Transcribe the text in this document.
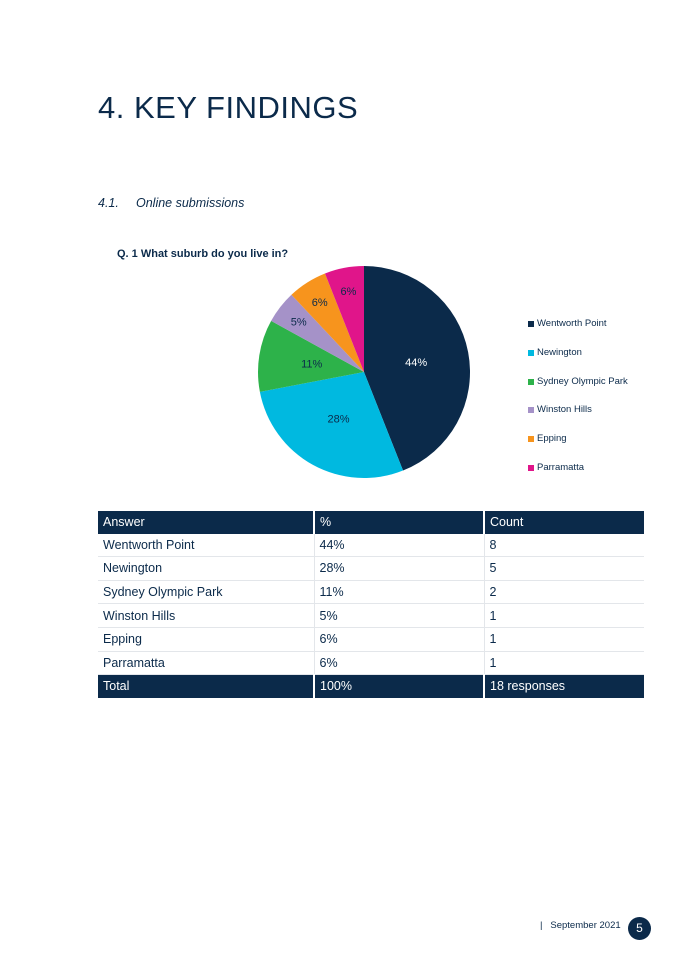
4. KEY FINDINGS
4.1. Online submissions
Q. 1 What suburb do you live in?
44%
28%
11%
5%
6%
6%
Wentworth Point
Newington
Sydney Olympic Park
Winston Hills
Epping
Parramatta
Answer	%	Count
Wentworth Point	44%	8
Newington	28%	5
Sydney Olympic Park	11%	2
Winston Hills	5%	1
Epping	6%	1
Parramatta	6%	1
Total	100%	18 responses
| September 2021	5
